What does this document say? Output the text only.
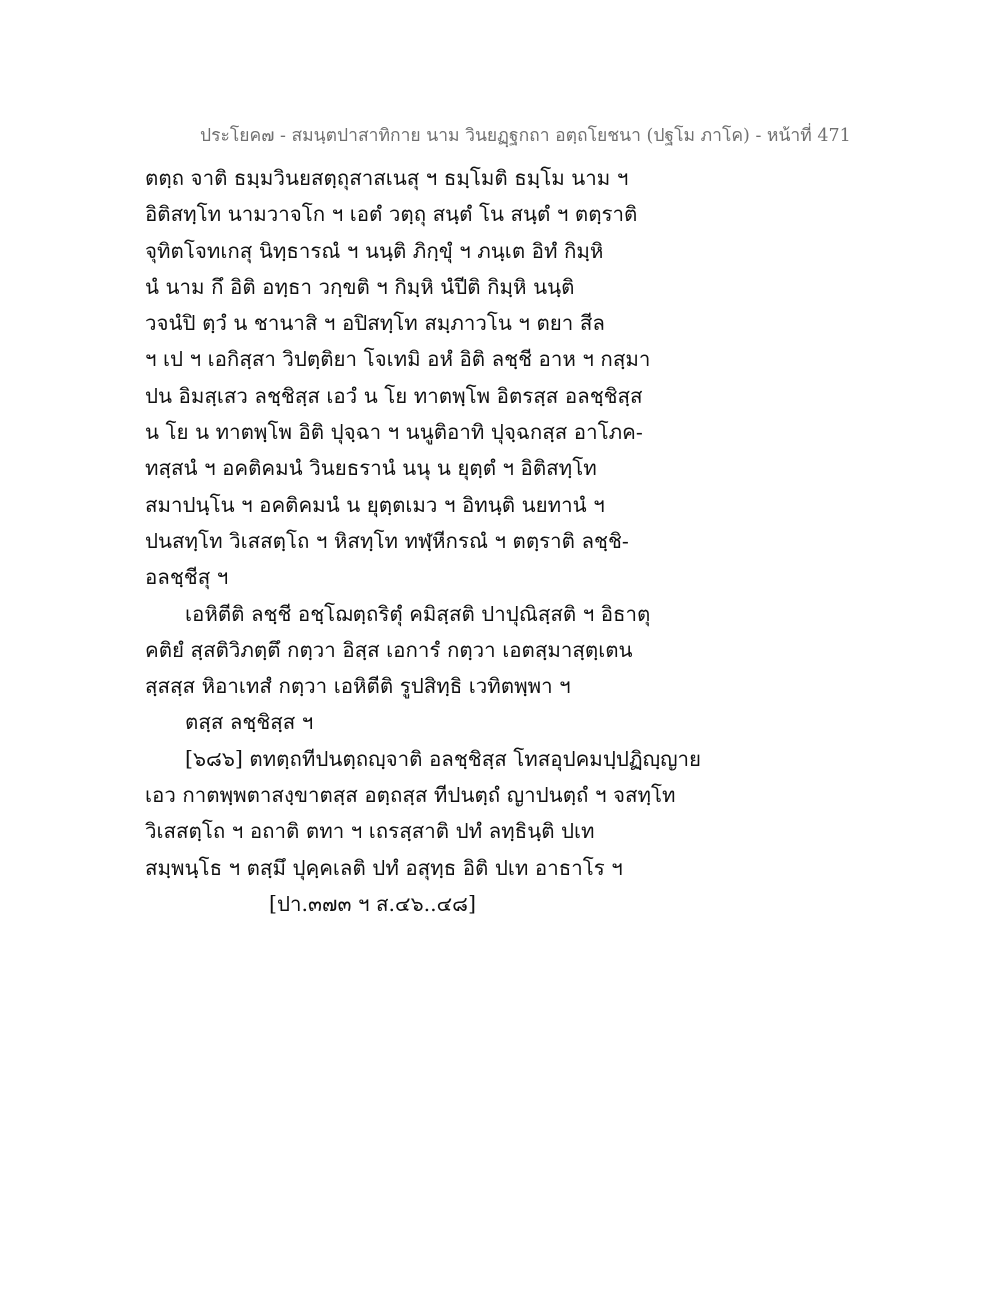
ประโยค๗ - สมนฺตปาสาทิกาย นาม วินยฏฺฐกถา อตฺถโยชนา (ปฐโม ภาโค) - หน้าที่ 471
ตตฺถ จาติ ธมฺมวินยสตฺถุสาสเนสุ ฯ ธมฺโมติ ธมฺโม นาม ฯ
อิติสทฺโท นามวาจโก ฯ เอตํ วตฺถุ สนฺตํ โน สนฺตํ ฯ ตตฺราติ
จุทิตโจทเกสุ นิทฺธารณํ ฯ นนฺติ ภิกฺขุํ ฯ ภนฺเต อิทํ กิมฺหิ
นํ นาม กึ อิติ อทฺธา วกฺขติ ฯ กิมฺหิ นํปีติ กิมฺหิ นนฺติ
วจนํปิ ตฺวํ น ชานาสิ ฯ อปิสทฺโท สมฺภาวโน ฯ ตยา สีล
ฯ เป ฯ เอกิสฺสา วิปตฺติยา โจเทมิ อหํ อิติ ลชฺชี อาห ฯ กสฺมา
ปน อิมสฺเสว ลชฺชิสฺส เอวํ น โย ทาตพฺโพ อิตรสฺส อลชฺชิสฺส
น โย น ทาตพฺโพ อิติ ปุจฺฉา ฯ นนูติอาทิ ปุจฺฉกสฺส อาโภค-
ทสฺสนํ ฯ อคติคมนํ วินยธรานํ นนุ น ยุตฺตํ ฯ อิติสทฺโท
สมาปนฺโน ฯ อคติคมนํ น ยุตฺตเมว ฯ อิทนฺติ นยทานํ ฯ
ปนสทฺโท วิเสสตฺโถ ฯ หิสทฺโท ทฬฺหีกรณํ ฯ ตตฺราติ ลชฺชิ-
อลชฺชีสุ ฯ
เอหิตีติ ลชฺชี อชฺโฌตฺถริตุํ คมิสฺสติ ปาปุณิสฺสติ ฯ อิธาตุ
คติยํ สฺสติวิภตฺตึ กตฺวา อิสฺส เอการํ กตฺวา เอตสฺมาสฺตฺเตน
สฺสสฺส หิอาเทสํ กตฺวา เอหิตีติ รูปสิทฺธิ เวทิตพฺพา ฯ
ตสฺส ลชฺชิสฺส ฯ
[๖๘๖] ตทตฺถทีปนตฺถญฺจาติ อลชฺชิสฺส โทสอุปคมปฺปฏิญฺญาย
เอว กาตพฺพตาสงฺขาตสฺส อตฺถสฺส ทีปนตฺถํ ญาปนตฺถํ ฯ จสทฺโท
วิเสสตฺโถ ฯ อถาติ ตทา ฯ เถรสฺสาติ ปทํ ลทฺธินฺติ ปเท
สมฺพนฺโธ ฯ ตสฺมึ ปุคฺคเลติ ปทํ อสุทฺธ อิติ ปเท อาธาโร ฯ
[ปา.๓๗๓ ฯ ส.๔๖..๔๘]
